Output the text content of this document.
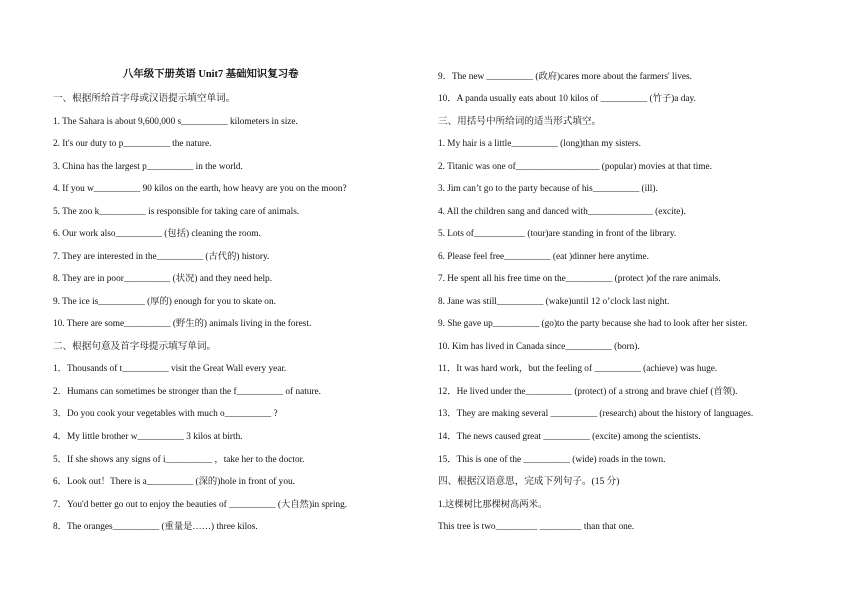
八年级下册英语 Unit7 基础知识复习卷
一、根据所给首字母或汉语提示填空单词。
1. The Sahara is about 9,600,000 s__________ kilometers in size.
2. It's our duty to p__________ the nature.
3. China has the largest p__________ in the world.
4. If you w__________ 90 kilos on the earth, how heavy are you on the moon?
5. The zoo k__________ is responsible for taking care of animals.
6. Our work also__________ (包括) cleaning the room.
7. They are interested in the__________ (古代的) history.
8. They are in poor__________ (状况) and they need help.
9. The ice is__________ (厚的) enough for you to skate on.
10. There are some__________ (野生的) animals living in the forest.
二、根据句意及首字母提示填写单词。
1．Thousands of t__________ visit the Great Wall every year.
2．Humans can sometimes be stronger than the f__________ of nature.
3．Do you cook your vegetables with much o__________ ?
4．My little brother w__________ 3 kilos at birth.
5．If she shows any signs of i__________ ，take her to the doctor.
6．Look out！There is a__________ (深的)hole in front of you.
7．You'd better go out to enjoy the beauties of __________ (大自然)in spring.
8．The oranges__________ (重量是……) three kilos.
9．The new __________ (政府)cares more about the farmers' lives.
10．A panda usually eats about 10 kilos of __________ (竹子)a day.
三、用括号中所给词的适当形式填空。
1. My hair is a little__________ (long)than my sisters.
2. Titanic was one of__________________ (popular) movies at that time.
3. Jim can’t go to the party because of his__________ (ill).
4. All the children sang and danced with______________ (excite).
5. Lots of___________ (tour)are standing in front of the library.
6. Please feel free__________ (eat )dinner here anytime.
7. He spent all his free time on the__________ (protect )of the rare animals.
8. Jane was still__________ (wake)until 12 o’clock last night.
9. She gave up__________ (go)to the party because she had to look after her sister.
10. Kim has lived in Canada since__________ (born).
11．It was hard work，but the feeling of __________ (achieve) was huge.
12．He lived under the__________ (protect) of a strong and brave chief (首领).
13．They are making several __________ (research) about the history of languages.
14．The news caused great __________ (excite) among the scientists.
15．This is one of the __________ (wide) roads in the town.
四、根据汉语意思，完成下列句子。(15 分)
1.这棵树比那棵树高两米。
This tree is two_________ _________ than that one.
